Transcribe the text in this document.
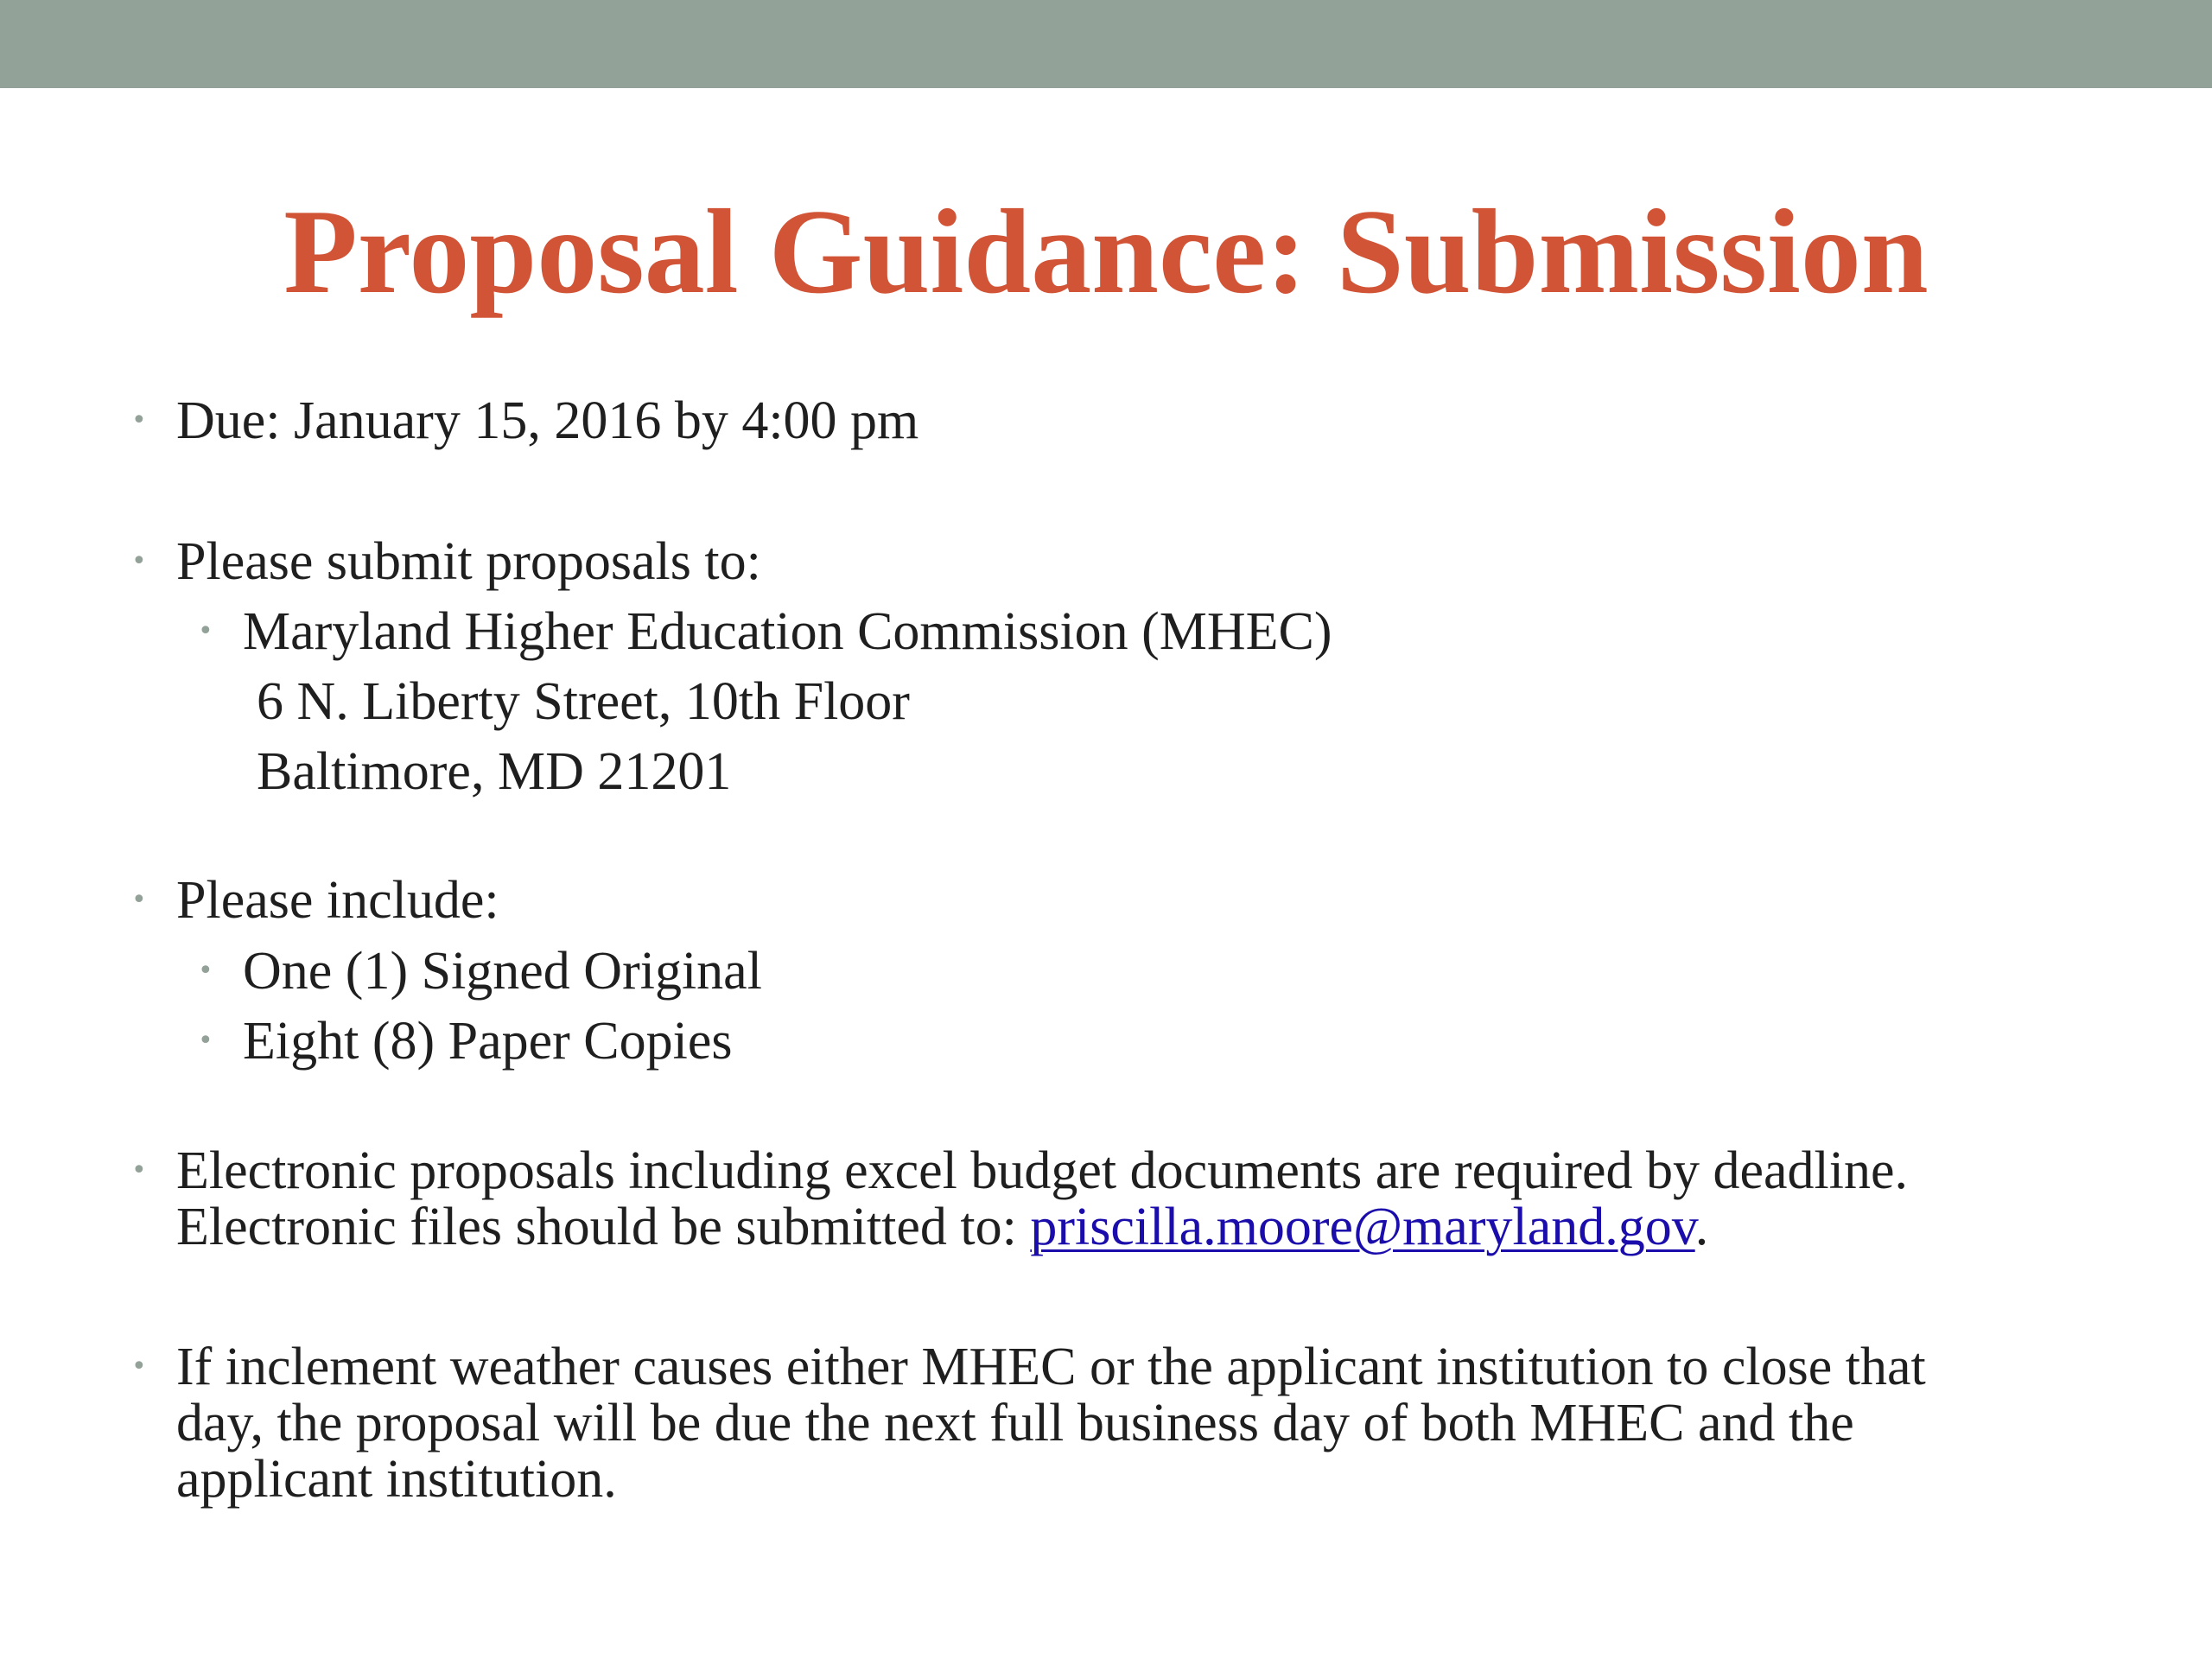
Proposal Guidance: Submission
• Due: January 15, 2016 by 4:00 pm
• Please submit proposals to:
• Maryland Higher Education Commission (MHEC)
6 N. Liberty Street, 10th Floor
Baltimore, MD 21201
• Please include:
• One (1) Signed Original
• Eight (8) Paper Copies
• Electronic proposals including excel budget documents are required by deadline.
Electronic files should be submitted to: priscilla.moore@maryland.gov.
• If inclement weather causes either MHEC or the applicant institution to close that
day, the proposal will be due the next full business day of both MHEC and the
applicant institution.
